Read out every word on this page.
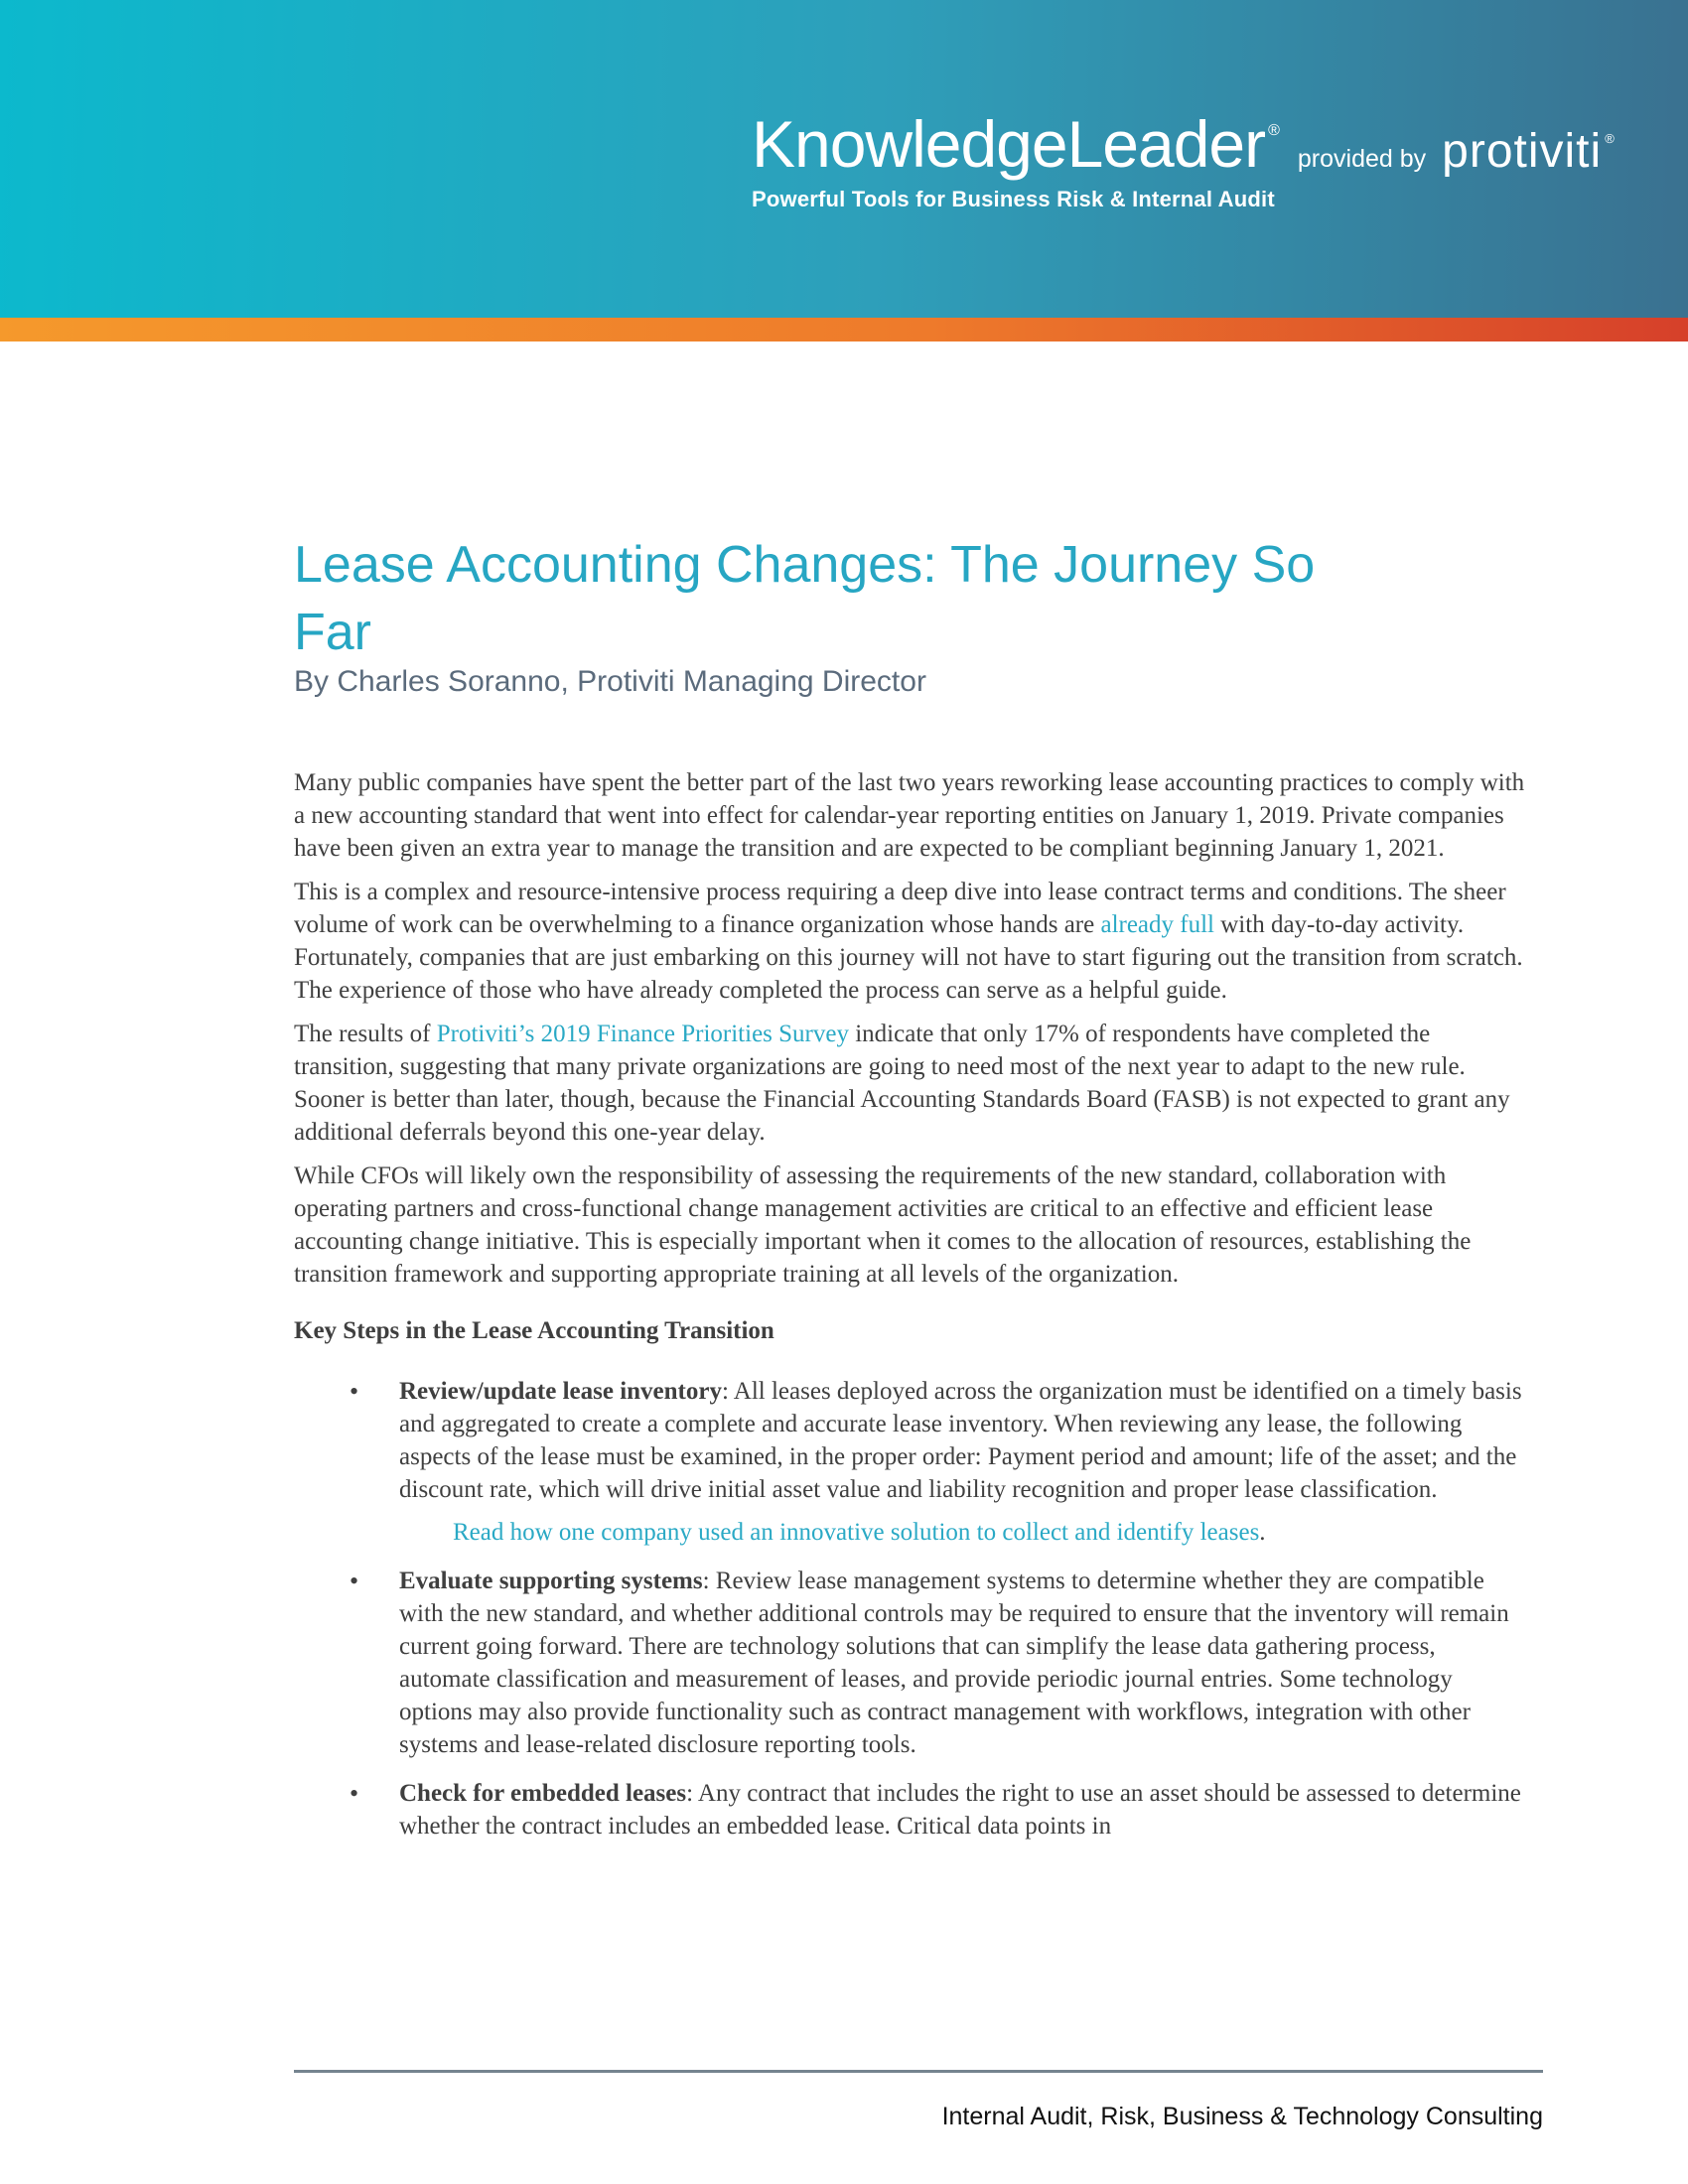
KnowledgeLeader ®
provided by protiviti ®
Powerful Tools for Business Risk & Internal Audit
Lease Accounting Changes: The Journey So
Far
By Charles Soranno, Protiviti Managing Director

Many public companies have spent the better part of the last two years reworking lease accounting practices to comply with a new accounting standard that went into effect for calendar-year reporting entities on January 1, 2019. Private companies have been given an extra year to manage the transition and are expected to be compliant beginning January 1, 2021.

This is a complex and resource-intensive process requiring a deep dive into lease contract terms and conditions. The sheer volume of work can be overwhelming to a finance organization whose hands are already full with day-to-day activity. Fortunately, companies that are just embarking on this journey will not have to start figuring out the transition from scratch. The experience of those who have already completed the process can serve as a helpful guide.

The results of Protiviti’s 2019 Finance Priorities Survey indicate that only 17% of respondents have completed the transition, suggesting that many private organizations are going to need most of the next year to adapt to the new rule. Sooner is better than later, though, because the Financial Accounting Standards Board (FASB) is not expected to grant any additional deferrals beyond this one-year delay.

While CFOs will likely own the responsibility of assessing the requirements of the new standard, collaboration with operating partners and cross-functional change management activities are critical to an effective and efficient lease accounting change initiative. This is especially important when it comes to the allocation of resources, establishing the transition framework and supporting appropriate training at all levels of the organization.

Key Steps in the Lease Accounting Transition
• Review/update lease inventory: All leases deployed across the organization must be identified on a timely basis and aggregated to create a complete and accurate lease inventory. When reviewing any lease, the following aspects of the lease must be examined, in the proper order: Payment period and amount; life of the asset; and the discount rate, which will drive initial asset value and liability recognition and proper lease classification.
Read how one company used an innovative solution to collect and identify leases.
• Evaluate supporting systems: Review lease management systems to determine whether they are compatible with the new standard, and whether additional controls may be required to ensure that the inventory will remain current going forward. There are technology solutions that can simplify the lease data gathering process, automate classification and measurement of leases, and provide periodic journal entries. Some technology options may also provide functionality such as contract management with workflows, integration with other systems and lease-related disclosure reporting tools.
• Check for embedded leases: Any contract that includes the right to use an asset should be assessed to determine whether the contract includes an embedded lease. Critical data points in
Internal Audit, Risk, Business & Technology Consulting
